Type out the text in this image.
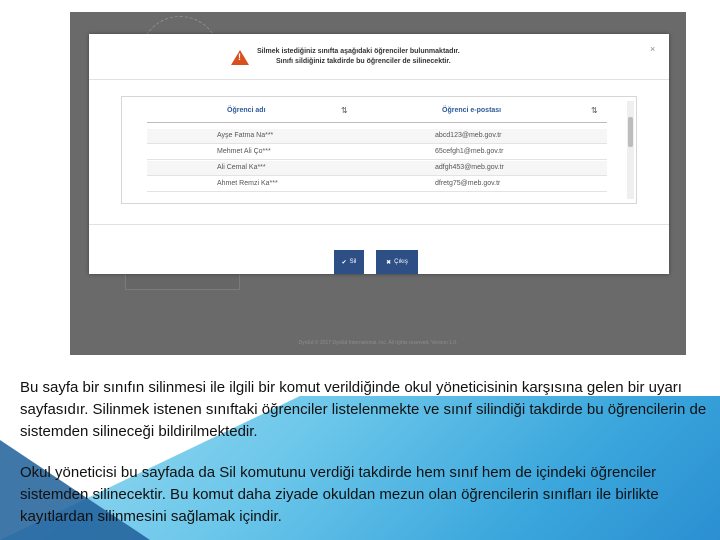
DynEd © 2017 DynEd International, Inc. All rights reserved. Version 1.0.
!
Silmek istediğiniz sınıfta aşağıdaki öğrenciler bulunmaktadır.
Sınıfı sildiğiniz takdirde bu öğrenciler de silinecektir.
×
Öğrenci adı	⇅	Öğrenci e-postası	⇅
Ayşe Fatma Na***	abcd123@meb.gov.tr
Mehmet Ali Ço***	65cefgh1@meb.gov.tr
Ali Cemal Ka***	adfgh453@meb.gov.tr
Ahmet Remzi Ka***	dfretg75@meb.gov.tr
✔ Sil	✖ Çıkış
Bu sayfa bir sınıfın silinmesi ile ilgili bir komut verildiğinde okul yöneticisinin karşısına gelen bir uyarı sayfasıdır. Silinmek istenen sınıftaki öğrenciler listelenmekte ve sınıf silindiği takdirde bu öğrencilerin de sistemden silineceği bildirilmektedir.
Okul yöneticisi bu sayfada da Sil komutunu verdiği takdirde hem sınıf hem de içindeki öğrenciler sistemden silinecektir. Bu komut daha ziyade okuldan mezun olan öğrencilerin sınıfları ile birlikte kayıtlardan silinmesini sağlamak içindir.
